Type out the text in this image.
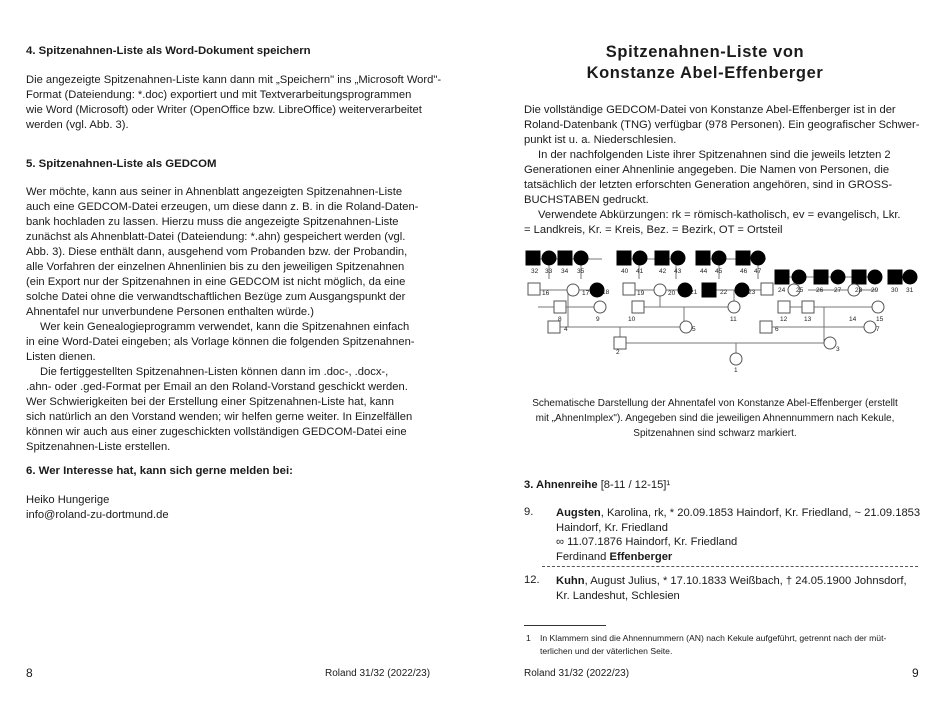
4. Spitzenahnen-Liste als Word-Dokument speichern
Die angezeigte Spitzenahnen-Liste kann dann mit „Speichern" ins „Microsoft Word"-
Format (Dateiendung: *.doc) exportiert und mit Textverarbeitungsprogrammen
wie Word (Microsoft) oder Writer (OpenOffice bzw. LibreOffice) weiterverarbeitet
werden (vgl. Abb. 3).
5. Spitzenahnen-Liste als GEDCOM
Wer möchte, kann aus seiner in Ahnenblatt angezeigten Spitzenahnen-Liste
auch eine GEDCOM-Datei erzeugen, um diese dann z. B. in die Roland-Daten-
bank hochladen zu lassen. Hierzu muss die angezeigte Spitzenahnen-Liste
zunächst als Ahnenblatt-Datei (Dateiendung: *.ahn) gespeichert werden (vgl.
Abb. 3). Diese enthält dann, ausgehend vom Probanden bzw. der Probandin,
alle Vorfahren der einzelnen Ahnenlinien bis zu den jeweiligen Spitzenahnen
(ein Export nur der Spitzenahnen in eine GEDCOM ist nicht möglich, da eine
solche Datei ohne die verwandtschaftlichen Bezüge zum Ausgangspunkt der
Ahnentafel nur unverbundene Personen enthalten würde.)
Wer kein Genealogieprogramm verwendet, kann die Spitzenahnen einfach
in eine Word-Datei eingeben; als Vorlage können die folgenden Spitzenahnen-
Listen dienen.
Die fertiggestellten Spitzenahnen-Listen können dann im .doc-, .docx-,
.ahn- oder .ged-Format per Email an den Roland-Vorstand geschickt werden.
Wer Schwierigkeiten bei der Erstellung einer Spitzenahnen-Liste hat, kann
sich natürlich an den Vorstand wenden; wir helfen gerne weiter. In Einzelfällen
können wir auch aus einer zugeschickten vollständigen GEDCOM-Datei eine
Spitzenahnen-Liste erstellen.
6. Wer Interesse hat, kann sich gerne melden bei:
Heiko Hungerige
info@roland-zu-dortmund.de
8	Roland 31/32 (2022/23)
Spitzenahnen-Liste von
Konstanze Abel-Effenberger
Die vollständige GEDCOM-Datei von Konstanze Abel-Effenberger ist in der
Roland-Datenbank (TNG) verfügbar (978 Personen). Ein geografischer Schwer-
punkt ist u. a. Niederschlesien.
In der nachfolgenden Liste ihrer Spitzenahnen sind die jeweils letzten 2
Generationen einer Ahnenlinie angegeben. Die Namen von Personen, die
tatsächlich der letzten erforschten Generation angehören, sind in GROSS-
BUCHSTABEN gedruckt.
Verwendete Abkürzungen: rk = römisch-katholisch, ev = evangelisch, Lkr.
= Landkreis, Kr. = Kreis, Bez. = Bezirk, OT = Ortsteil
32 33 34 35	40 41 42 43	44 45	46 47
24 25 26 27 28 29 30 31
16	17 18	19	20 21	22	23
8	9	10	11	12	13	14	15
4	5	6	7
2	3
1
Schematische Darstellung der Ahnentafel von Konstanze Abel-Effenberger (erstellt
mit „AhnenImplex"). Angegeben sind die jeweiligen Ahnennummern nach Kekule,
Spitzenahnen sind schwarz markiert.
3. Ahnenreihe [8-11 / 12-15]¹
9. Augsten, Karolina, rk, * 20.09.1853 Haindorf, Kr. Friedland, ~ 21.09.1853
Haindorf, Kr. Friedland
∞ 11.07.1876 Haindorf, Kr. Friedland
Ferdinand Effenberger
12. Kuhn, August Julius, * 17.10.1833 Weißbach, † 24.05.1900 Johnsdorf,
Kr. Landeshut, Schlesien
1 In Klammern sind die Ahnennummern (AN) nach Kekule aufgeführt, getrennt nach der müt-
terlichen und der väterlichen Seite.
Roland 31/32 (2022/23)	9
